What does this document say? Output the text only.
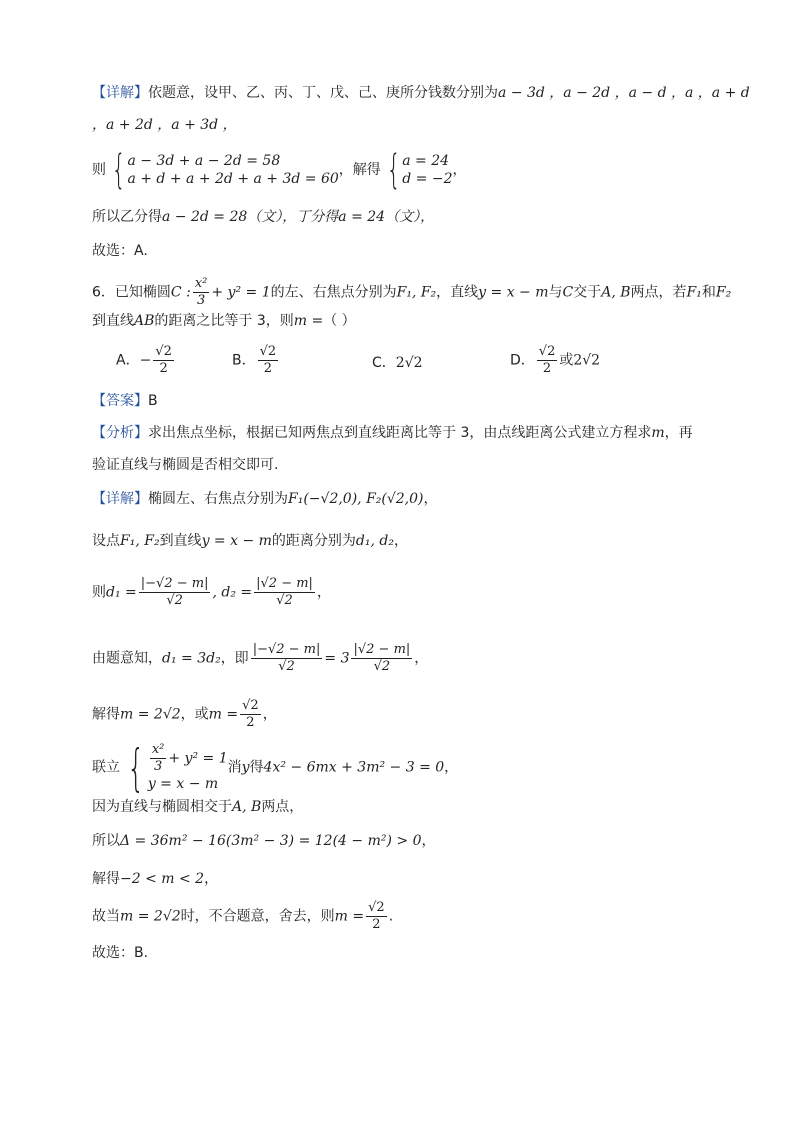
【详解】依题意，设甲、乙、丙、丁、戊、己、庚所分钱数分别为a − 3d ，a − 2d ，a − d ，a ，a + d
，a + 2d ，a + 3d ，
则 { a − 3d + a − 2d = 58
a + d + a + 2d + a + 3d = 60
，解得 { a = 24
d = −2
，
所以乙分得a − 2d = 28（文），丁分得a = 24（文），
故选：A.
6．已知椭圆C : $\frac{\text{x²}}{3} + y^2 = 1$的左、右焦点分别为F₁, F₂，直线y = x − m与C交于A, B两点，若F₁和F₂
到直线AB的距离之比等于 3，则m =（ ）
A．− $\frac{√2}{2}$	B． $\frac{√2}{2}$	C．2√2	D． $\frac{√2}{2}$ 或2√2
【答案】B
【分析】求出焦点坐标，根据已知两焦点到直线距离比等于 3，由点线距离公式建立方程求m，再
验证直线与椭圆是否相交即可.
【详解】椭圆左、右焦点分别为F₁(−√2,0), F₂(√2,0)，
设点F₁, F₂到直线y = x − m的距离分别为d₁, d₂，
则$d_1 = \frac{|-√2 - m|}{√2}$ , $d_2 = \frac{|√2 - m|}{√2}$ ，
由题意知，d₁ = 3d₂，即 $\frac{|-√2 - m|}{√2} = 3 \frac{|√2 - m|}{√2}$ ，
解得m = 2√2，或$m = \frac{√2}{2}$ ，
联立 { $\frac{\text{x²}}{3} + y^2 = 1$
y = x − m
消y得4x² − 6mx + 3m² − 3 = 0，
因为直线与椭圆相交于A, B两点，
所以Δ = 36m² − 16(3m² − 3) = 12(4 − m²) > 0，
解得−2 < m < 2，
故当m = 2√2时，不合题意，舍去，则$m = \frac{√2}{2}$ .
故选：B.
